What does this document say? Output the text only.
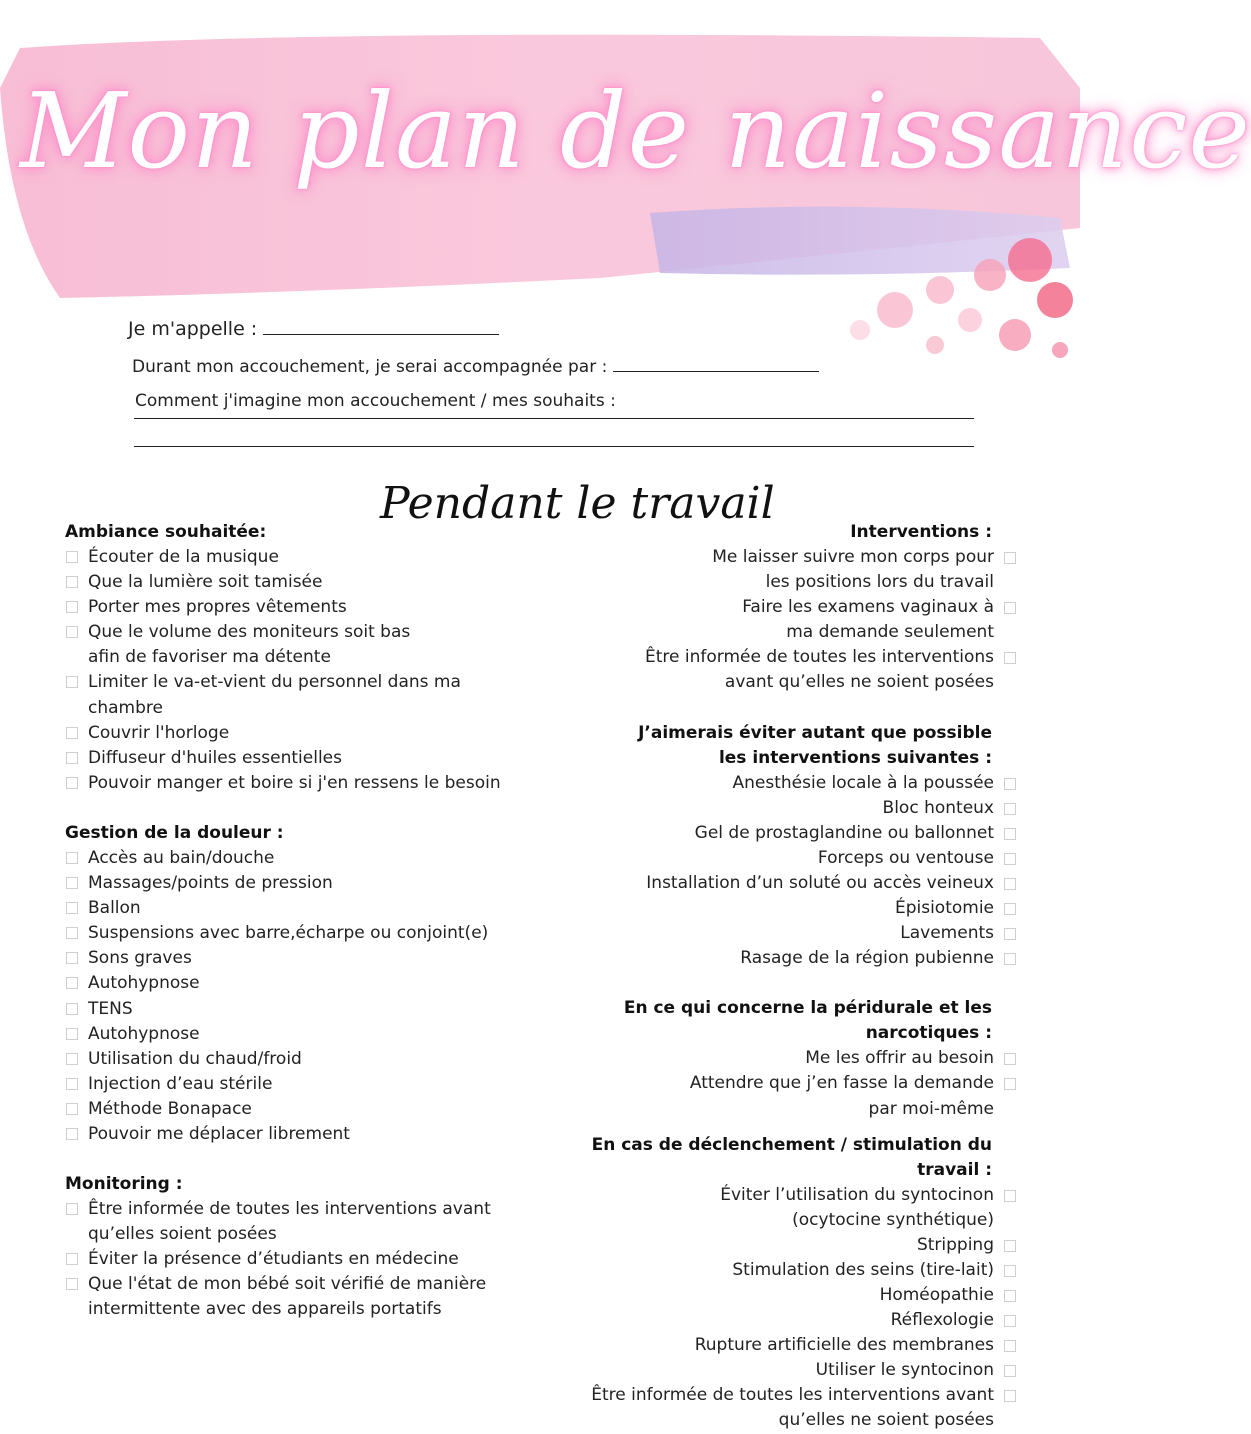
Mon plan de naissance
Je m'appelle :
Durant mon accouchement, je serai accompagnée par :
Comment j'imagine mon accouchement / mes souhaits :
Pendant le travail
Ambiance souhaitée:
Écouter de la musique
Que la lumière soit tamisée
Porter mes propres vêtements
Que le volume des moniteurs soit bas
afin de favoriser ma détente
Limiter le va-et-vient du personnel dans ma
chambre
Couvrir l'horloge
Diffuseur d'huiles essentielles
Pouvoir manger et boire si j'en ressens le besoin
Gestion de la douleur :
Accès au bain/douche
Massages/points de pression
Ballon
Suspensions avec barre,écharpe ou conjoint(e)
Sons graves
Autohypnose
TENS
Autohypnose
Utilisation du chaud/froid
Injection d’eau stérile
Méthode Bonapace
Pouvoir me déplacer librement
Monitoring :
Être informée de toutes les interventions avant
qu’elles soient posées
Éviter la présence d’étudiants en médecine
Que l'état de mon bébé soit vérifié de manière
intermittente avec des appareils portatifs
Interventions :
Me laisser suivre mon corps pour
les positions lors du travail
Faire les examens vaginaux à
ma demande seulement
Être informée de toutes les interventions
avant qu’elles ne soient posées
J’aimerais éviter autant que possible
les interventions suivantes :
Anesthésie locale à la poussée
Bloc honteux
Gel de prostaglandine ou ballonnet
Forceps ou ventouse
Installation d’un soluté ou accès veineux
Épisiotomie
Lavements
Rasage de la région pubienne
En ce qui concerne la péridurale et les narcotiques :
Me les offrir au besoin
Attendre que j’en fasse la demande
par moi-même
En cas de déclenchement / stimulation du travail :
Éviter l’utilisation du syntocinon
(ocytocine synthétique)
Stripping
Stimulation des seins (tire-lait)
Homéopathie
Réflexologie
Rupture artificielle des membranes
Utiliser le syntocinon
Être informée de toutes les interventions avant
qu’elles ne soient posées
